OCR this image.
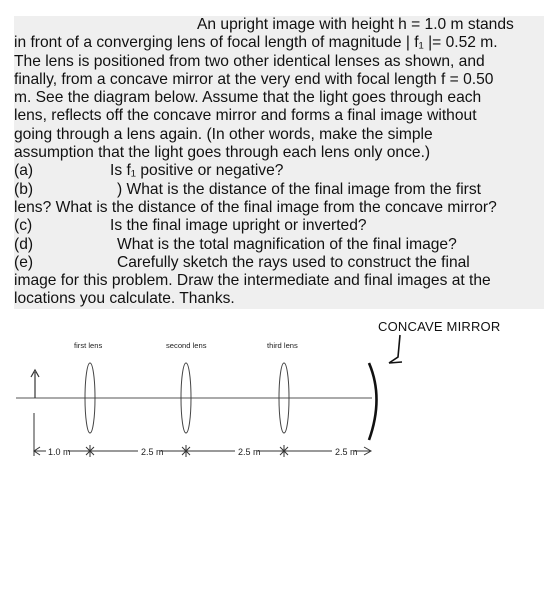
An upright image with height h = 1.0 m stands
in front of a converging lens of focal length of magnitude | f₁ |= 0.52 m.
The lens is positioned from two other identical lenses as shown, and
finally, from a concave mirror at the very end with focal length f = 0.50
m. See the diagram below. Assume that the light goes through each
lens, reflects off the concave mirror and forms a final image without
going through a lens again. (In other words, make the simple
assumption that the light goes through each lens only once.)
(a)	Is f₁ positive or negative?
(b)	) What is the distance of the final image from the first
lens? What is the distance of the final image from the concave mirror?
(c)	Is the final image upright or inverted?
(d)	What is the total magnification of the final image?
(e)	Carefully sketch the rays used to construct the final
image for this problem. Draw the intermediate and final images at the
locations you calculate. Thanks.
CONCAVE MIRROR
first lens	second lens	third lens
1.0 m	2.5 m	2.5 m	2.5 m
